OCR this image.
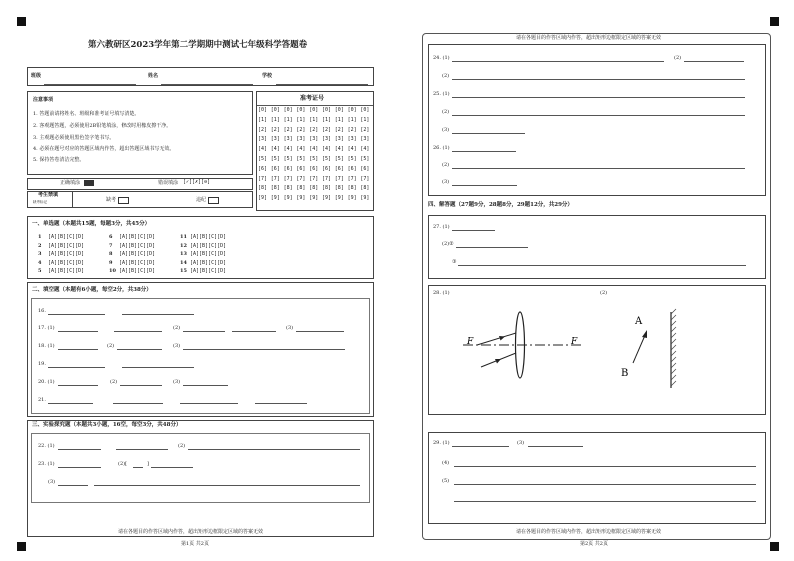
第六教研区2023学年第二学期期中测试七年级科学答题卷
班级	姓名	学校
注意事项
1. 答题前请将姓名、班级和准考证号填写清楚。
2. 客观题答题，必须使用2B铅笔填涂，修改时用橡皮擦干净。
3. 主观题必须使用黑色签字笔书写。
4. 必须在题号对应的答题区域内作答，超出答题区域书写无效。
5. 保持答卷清洁完整。
准考证号
[0] [0] [0] [0] [0] [0] [0] [0] [0]
[1] [1] [1] [1] [1] [1] [1] [1] [1]
[2] [2] [2] [2] [2] [2] [2] [2] [2]
[3] [3] [3] [3] [3] [3] [3] [3] [3]
[4] [4] [4] [4] [4] [4] [4] [4] [4]
[5] [5] [5] [5] [5] [5] [5] [5] [5]
[6] [6] [6] [6] [6] [6] [6] [6] [6]
[7] [7] [7] [7] [7] [7] [7] [7] [7]
[8] [8] [8] [8] [8] [8] [8] [8] [8]
[9] [9] [9] [9] [9] [9] [9] [9] [9]
正确填涂	错误填涂 [✓][✗][⊖]
考生禁填
缺考标记	缺考	违纪
一、单选题（本题共15题，每题3分，共45分）
1 [A][B][C][D]
2 [A][B][C][D]
3 [A][B][C][D]
4 [A][B][C][D]
5 [A][B][C][D]
6 [A][B][C][D]
7 [A][B][C][D]
8 [A][B][C][D]
9 [A][B][C][D]
10 [A][B][C][D]
11 [A][B][C][D]
12 [A][B][C][D]
13 [A][B][C][D]
14 [A][B][C][D]
15 [A][B][C][D]
二、填空题（本题有6小题，每空2分，共38分）
16.
17. (1)	(2)	(3)
18. (1)	(2)	(3)
19.
20. (1)	(2)	(3)
21.
三、实验探究题（本题共3小题，16空，每空3分，共48分）
22. (1)	(2)
23. (1)	(2)[	]
(3)
请在各题目的作答区域内作答，超出矩形边框限定区域的答案无效
第1页 共2页
请在各题目的作答区域内作答，超出矩形边框限定区域的答案无效
24. (1)	(2)
(2)
25. (1)
(2)
(3)
26. (1)
(2)
(3)
四、解答题（27题9分，28题8分，29题12分，共29分）
27. (1)
(2)②
③
28. (1)	(2)
F	F
A
B
29. (1)	(3)
(4)
(5)
请在各题目的作答区域内作答，超出矩形边框限定区域的答案无效
第2页 共2页
